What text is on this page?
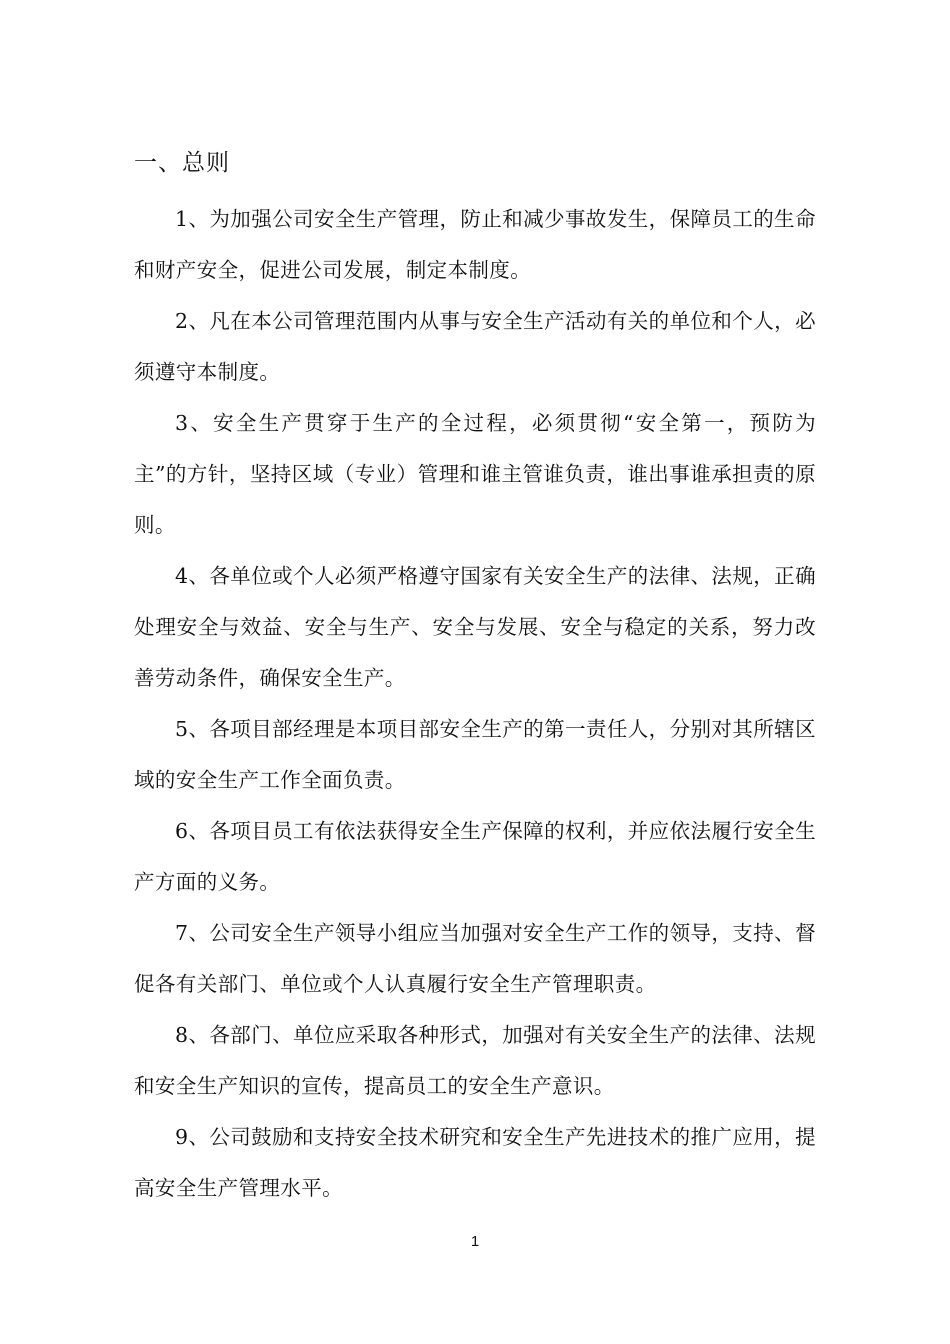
一、总则

1、为加强公司安全生产管理，防止和减少事故发生，保障员工的生命和财产安全，促进公司发展，制定本制度。

2、凡在本公司管理范围内从事与安全生产活动有关的单位和个人，必须遵守本制度。

3、安全生产贯穿于生产的全过程，必须贯彻“安全第一，预防为主”的方针，坚持区域（专业）管理和谁主管谁负责，谁出事谁承担责的原则。

4、各单位或个人必须严格遵守国家有关安全生产的法律、法规，正确处理安全与效益、安全与生产、安全与发展、安全与稳定的关系，努力改善劳动条件，确保安全生产。

5、各项目部经理是本项目部安全生产的第一责任人，分别对其所辖区域的安全生产工作全面负责。

6、各项目员工有依法获得安全生产保障的权利，并应依法履行安全生产方面的义务。

7、公司安全生产领导小组应当加强对安全生产工作的领导，支持、督促各有关部门、单位或个人认真履行安全生产管理职责。

8、各部门、单位应采取各种形式，加强对有关安全生产的法律、法规和安全生产知识的宣传，提高员工的安全生产意识。

9、公司鼓励和支持安全技术研究和安全生产先进技术的推广应用，提高安全生产管理水平。

1
